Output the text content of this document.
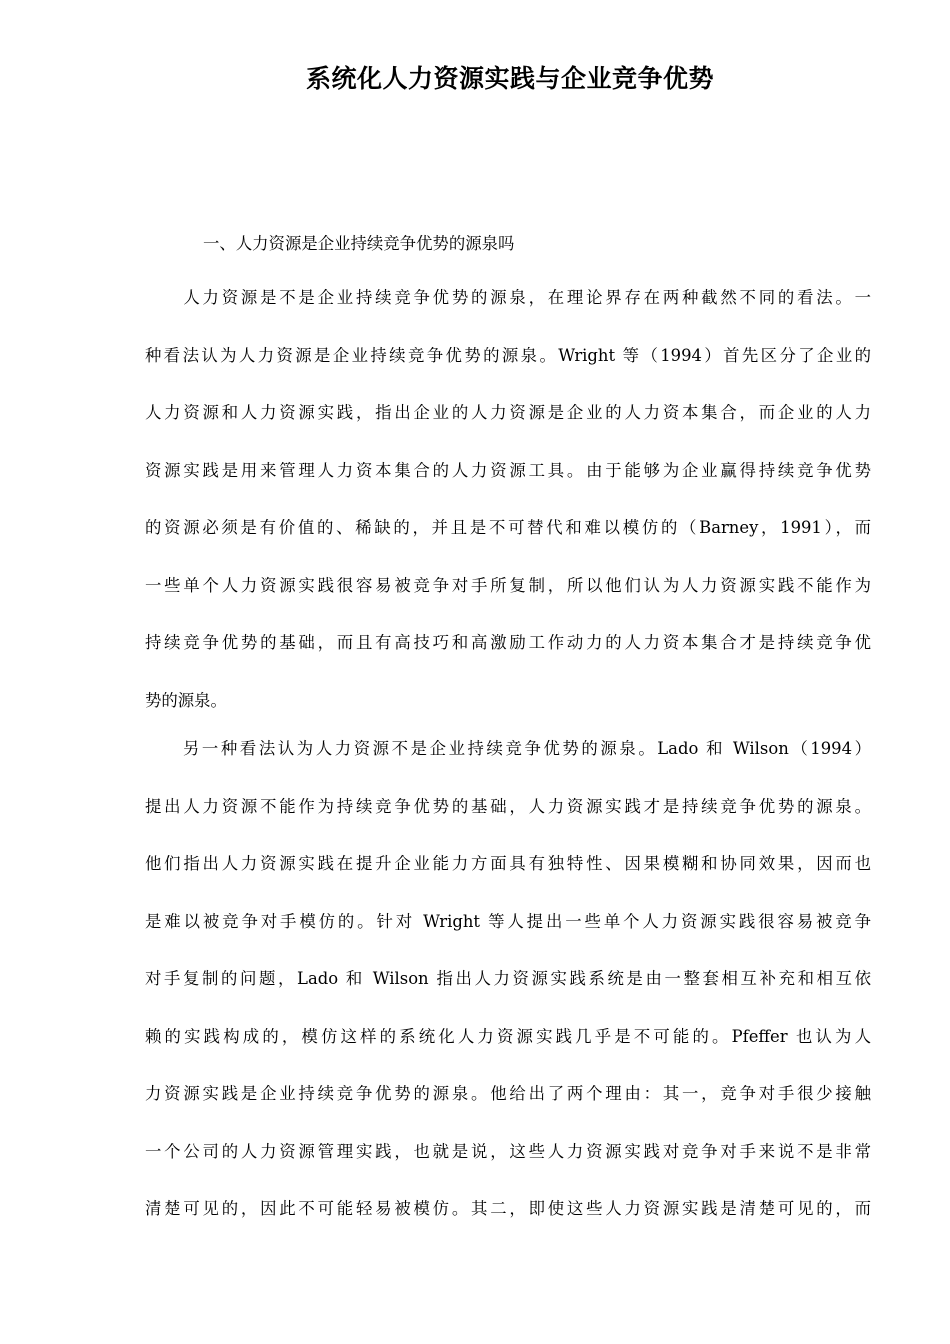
系统化人力资源实践与企业竞争优势
一、人力资源是企业持续竞争优势的源泉吗
　　人力资源是不是企业持续竞争优势的源泉，在理论界存在两种截然不同的看法。一
种看法认为人力资源是企业持续竞争优势的源泉。Wright 等（1994）首先区分了企业的
人力资源和人力资源实践，指出企业的人力资源是企业的人力资本集合，而企业的人力
资源实践是用来管理人力资本集合的人力资源工具。由于能够为企业赢得持续竞争优势
的资源必须是有价值的、稀缺的，并且是不可替代和难以模仿的（Barney，1991），而
一些单个人力资源实践很容易被竞争对手所复制，所以他们认为人力资源实践不能作为
持续竞争优势的基础，而且有高技巧和高激励工作动力的人力资本集合才是持续竞争优
势的源泉。
　　另一种看法认为人力资源不是企业持续竞争优势的源泉。Lado 和 Wilson（1994）
提出人力资源不能作为持续竞争优势的基础，人力资源实践才是持续竞争优势的源泉。
他们指出人力资源实践在提升企业能力方面具有独特性、因果模糊和协同效果，因而也
是难以被竞争对手模仿的。针对 Wright 等人提出一些单个人力资源实践很容易被竞争
对手复制的问题，Lado 和 Wilson 指出人力资源实践系统是由一整套相互补充和相互依
赖的实践构成的，模仿这样的系统化人力资源实践几乎是不可能的。Pfeffer 也认为人
力资源实践是企业持续竞争优势的源泉。他给出了两个理由：其一，竞争对手很少接触
一个公司的人力资源管理实践，也就是说，这些人力资源实践对竞争对手来说不是非常
清楚可见的，因此不可能轻易被模仿。其二，即使这些人力资源实践是清楚可见的，而
